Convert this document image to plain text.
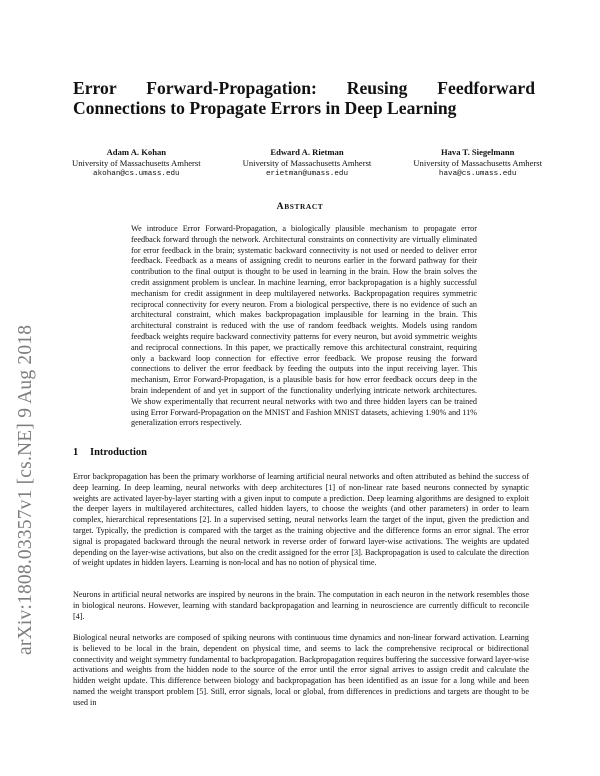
arXiv:1808.03357v1 [cs.NE] 9 Aug 2018
Error Forward-Propagation: Reusing Feedforward Connections to Propagate Errors in Deep Learning
Adam A. Kohan
University of Massachusetts Amherst
akohan@cs.umass.edu
Edward A. Rietman
University of Massachusetts Amherst
erietman@umass.edu
Hava T. Siegelmann
University of Massachusetts Amherst
hava@cs.umass.edu
ABSTRACT
We introduce Error Forward-Propagation, a biologically plausible mechanism to propagate error feedback forward through the network. Architectural constraints on connectivity are virtually eliminated for error feedback in the brain; systematic backward connectivity is not used or needed to deliver error feedback. Feedback as a means of assigning credit to neurons earlier in the forward pathway for their contribution to the final output is thought to be used in learning in the brain. How the brain solves the credit assignment problem is unclear. In machine learning, error backpropagation is a highly successful mechanism for credit assignment in deep multilayered networks. Backpropagation requires symmetric reciprocal connectivity for every neuron. From a biological perspective, there is no evidence of such an architectural constraint, which makes backpropagation implausible for learning in the brain. This architectural constraint is reduced with the use of random feedback weights. Models using random feedback weights require backward connectivity patterns for every neuron, but avoid symmetric weights and reciprocal connections. In this paper, we practically remove this architectural constraint, requiring only a backward loop connection for effective error feedback. We propose reusing the forward connections to deliver the error feedback by feeding the outputs into the input receiving layer. This mechanism, Error Forward-Propagation, is a plausible basis for how error feedback occurs deep in the brain independent of and yet in support of the functionality underlying intricate network architectures. We show experimentally that recurrent neural networks with two and three hidden layers can be trained using Error Forward-Propagation on the MNIST and Fashion MNIST datasets, achieving 1.90% and 11% generalization errors respectively.
1 Introduction
Error backpropagation has been the primary workhorse of learning artificial neural networks and often attributed as behind the success of deep learning. In deep learning, neural networks with deep architectures [1] of non-linear rate based neurons connected by synaptic weights are activated layer-by-layer starting with a given input to compute a prediction. Deep learning algorithms are designed to exploit the deeper layers in multilayered architectures, called hidden layers, to choose the weights (and other parameters) in order to learn complex, hierarchical representations [2]. In a supervised setting, neural networks learn the target of the input, given the prediction and target. Typically, the prediction is compared with the target as the training objective and the difference forms an error signal. The error signal is propagated backward through the neural network in reverse order of forward layer-wise activations. The weights are updated depending on the layer-wise activations, but also on the credit assigned for the error [3]. Backpropagation is used to calculate the direction of weight updates in hidden layers. Learning is non-local and has no notion of physical time.
Neurons in artificial neural networks are inspired by neurons in the brain. The computation in each neuron in the network resembles those in biological neurons. However, learning with standard backpropagation and learning in neuroscience are currently difficult to reconcile [4].
Biological neural networks are composed of spiking neurons with continuous time dynamics and non-linear forward activation. Learning is believed to be local in the brain, dependent on physical time, and seems to lack the comprehensive reciprocal or bidirectional connectivity and weight symmetry fundamental to backpropagation. Backpropagation requires buffering the successive forward layer-wise activations and weights from the hidden node to the source of the error until the error signal arrives to assign credit and calculate the hidden weight update. This difference between biology and backpropagation has been identified as an issue for a long while and been named the weight transport problem [5]. Still, error signals, local or global, from differences in predictions and targets are thought to be used in
